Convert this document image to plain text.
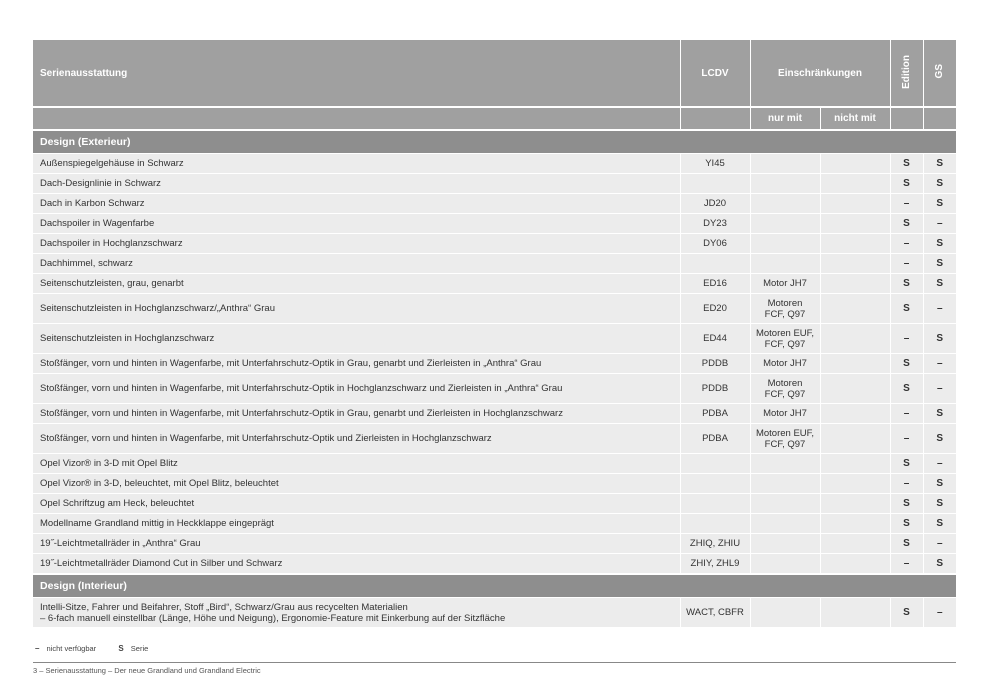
Serienausstattung	LCDV	Einschränkungen		Edition	GS
		nur mit	nicht mit		
Design (Exterieur)					
Außenspiegelgehäuse in Schwarz	YI45			S	S
Dach-Designlinie in Schwarz				S	S
Dach in Karbon Schwarz	JD20			–	S
Dachspoiler in Wagenfarbe	DY23			S	–
Dachspoiler in Hochglanzschwarz	DY06			–	S
Dachhimmel, schwarz				–	S
Seitenschutzleisten, grau, genarbt	ED16	Motor JH7		S	S
Seitenschutzleisten in Hochglanzschwarz/„Anthra“ Grau	ED20	Motoren
FCF, Q97		S	–
Seitenschutzleisten in Hochglanzschwarz	ED44	Motoren EUF,
FCF, Q97		–	S
Stoßfänger, vorn und hinten in Wagenfarbe, mit Unterfahrschutz-Optik in Grau, genarbt und Zierleisten in „Anthra“ Grau	PDDB	Motor JH7		S	–
Stoßfänger, vorn und hinten in Wagenfarbe, mit Unterfahrschutz-Optik in Hochglanzschwarz und Zierleisten in „Anthra“ Grau	PDDB	Motoren
FCF, Q97		S	–
Stoßfänger, vorn und hinten in Wagenfarbe, mit Unterfahrschutz-Optik in Grau, genarbt und Zierleisten in Hochglanzschwarz	PDBA	Motor JH7		–	S
Stoßfänger, vorn und hinten in Wagenfarbe, mit Unterfahrschutz-Optik und Zierleisten in Hochglanzschwarz	PDBA	Motoren EUF,
FCF, Q97		–	S
Opel Vizor® in 3-D mit Opel Blitz				S	–
Opel Vizor® in 3-D, beleuchtet, mit Opel Blitz, beleuchtet				–	S
Opel Schriftzug am Heck, beleuchtet				S	S
Modellname Grandland mittig in Heckklappe eingeprägt				S	S
19˝-Leichtmetallräder in „Anthra“ Grau	ZHIQ, ZHIU			S	–
19˝-Leichtmetallräder Diamond Cut in Silber und Schwarz	ZHIY, ZHL9			–	S
Design (Interieur)					
Intelli-Sitze, Fahrer und Beifahrer, Stoff „Bird“, Schwarz/Grau aus recycelten Materialien
– 6-fach manuell einstellbar (Länge, Höhe und Neigung), Ergonomie-Feature mit Einkerbung auf der Sitzfläche	WACT, CBFR			S	–
– nicht verfügbar	S Serie
3 – Serienausstattung – Der neue Grandland und Grandland Electric
